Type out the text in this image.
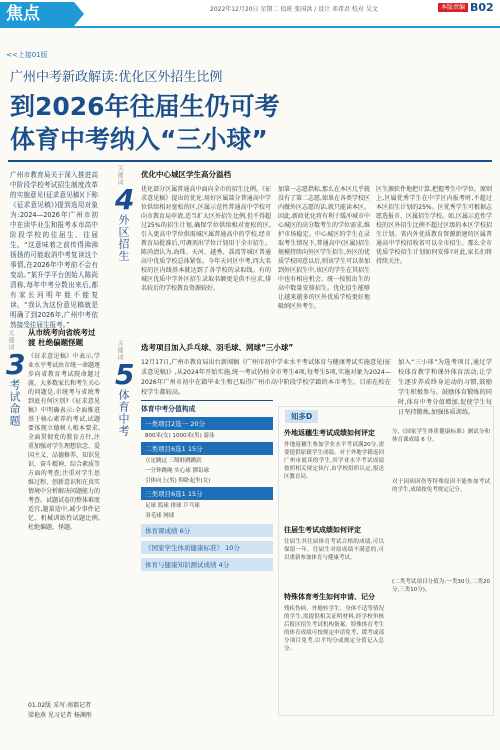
焦点	2022年12月20日 星期二 值班 张国洪 / 设计 邓希君 校对 吴文	本版责编 B02
<<上接01版
广州中考新政解读:优化区外招生比例
到2026年往届生仍可考
体育中考纳入“三小球”
广州市教育局关于深入推进高中阶段学校考试招生制度改革的实施意见(征求意见稿)(下称《征求意见稿》)提到选用对象为:2024—2026年广州市初中在读毕业生和报考本市高中阶段学校的往届生、往届生。“这意味着之前传得沸沸扬扬的可能取消中考复读这个事情,在2026年中考前不会有变动。”某升学平台创始人陈尚清称,每年中考分数出来后,都有家长问明年能不能复读。“我认为这份意见稿就是明确了到2026年,广州中考依然接受往届生报考。”
关键词
3
考试命题
从市统考向省统考过渡 杜绝偏题怪题
《征求意见稿》中表示,学业水平考试由市统一命题逐步向省教育考试院命题过渡。大多数家长和考生关心的问题是,市统考与省统考到底有何区别?《征求意见稿》中明确表示:全面推进基于核心素养的考试,试题要体现立德树人根本要求,全面贯彻党的教育方针,注重加强对学生理想信念、爱国主义、品德修养、知识见识、奋斗精神、综合素质等方面的考查;注重对学生思维过程、创新意识和在真实情境中分析解决问题能力的考查。试题试卷的整体难度适宜,题量适中,减少事件记忆、机械训练性试题比例,杜绝偏题、怪题。
01.02版 采写:南都记者
梁艳燕 见习记者 杨渊彤
关键词
4
外区招生
优化中心城区学生高分溢档
优化部分区属普通高中面向全市的招生比例。《征求意见稿》提出的优化:用好区属部分普通高中学位供给相对宽松的区,区属示范性普通高中学校可向市教育局申请,适当扩大区外招生比例,但不得超过25%的招生计划,确保学位供给相对宽松的区,引入更高中学位供需城区属普通高中的学校,经市教育局批准后,可调剂出学位计划用于全市招生。陈尚清认为,海珠、天河、越秀、荔湾等城区普通高中优质学校总体紧张。今年天河区中考,四大名校的区内线基本就达到了各学校的录取线。有的城区优质中学外区招生录取名额更是供不应求,排名较后的学校教育资源较好。
加第一志愿指标,那么在本区几乎就没有了第二志愿,如果在各类学校区内做外区志愿的话,就只能读本区。因此,新政优化将有利于缓冲城市中心城区的高分数考生的学位需求,维护市场稳定。中心城区的学生在录取考生情况下,普通高中(区属)招生规模持续向外区学生招生,外区的优质学校同意以后,则该学生可以参加到外区招生中,该区的学生在其招生中也有相应机会。统一按照出生的高中数量安排招生。优化招生能够让越来越多的区外优质学校更好地吸纳区外考生。
区生源软件地把计算,把握考生中学位。原则上,区属优秀学生在中学区内报考时,不超过本区招生计划的25%。区优秀学生可根据志愿选报市、区属招生学校。如,区属示范性学校的区外招生比例不超过区级的本区学校招生计划。省内外优质教育资源新建的区属普通高中学校招收省可以全市招生。那么全市优质学校招生计划如何安排?对此,家长们将持续关注。
关键词
5
体育中考
选考项目加入乒乓球、羽毛球、网球“三小球”
12月17日,广州市教育局出台新闻稿《广州市初中学业水平考试体育与健康考试实施意见(征求意见稿)》,从2024年开始实施,统一考试仍按全市考生4项,每考生5项,实施对象为2024—2026年广州市初中在籍毕业生和已取得广州市高中阶段学校学籍的本市考生。目前在校在校学生都较高。
加入“三小球”为选考项目,通过学校体育教学和课外体育活动,让学生逐步养成终身运动的习惯,鼓励学生积极参与。鼓励体育锻炼的同时,体育中考分值增加,促使学生每日坚持锻炼,加强体质训练。
体育中考分值构成
一类项目2选一 20分
800米(女) 1000米(男) 游泳
二类项目6选1 15分
立定跳远 三级蛙跳跳跃
一分钟跳绳 实心球 掷铅球
引体向上(男) 仰卧起坐(女)
三类项目6选1 15分
足球 篮球 排球 乒乓球
羽毛球 网球
体育课成绩 6分
《国家学生体质健康标准》 10分
体育与健康知识测试成绩 4分
知多D
外地返穗生考试成绩如何评定
外地返穗生参加学业水平考试满20分,需要提供原籍学生成绩。对于外地学籍返回广州市就读的学生,其学业水平考试成绩按照相关规定执行,由学校组织认定,报送区教育局。
往届生考试成绩如何评定
往届生其往届体育考试合格的成绩,可以保留一年。往届生对原成绩不满意的,可以重新参加体育与健康考试。
特殊体育考生如何申请、记分
残疾伤病、外地转学生、身体不适等情况的学生,需提供相关证明材料,经学校审核后报区招生考试机构备案。特殊体育考生的体育成绩可按规定申请免考、缓考或部分项目免考,以平均分或规定分值记入总分。
分,《国家学生体质健康标准》测试分和体育课成绩 6 分。
对于因病因伤等特殊原因不能参加考试的学生,成绩按免考规定记分。
(二类考试项目分值为:一类30分,二类20分,三类10分)。
